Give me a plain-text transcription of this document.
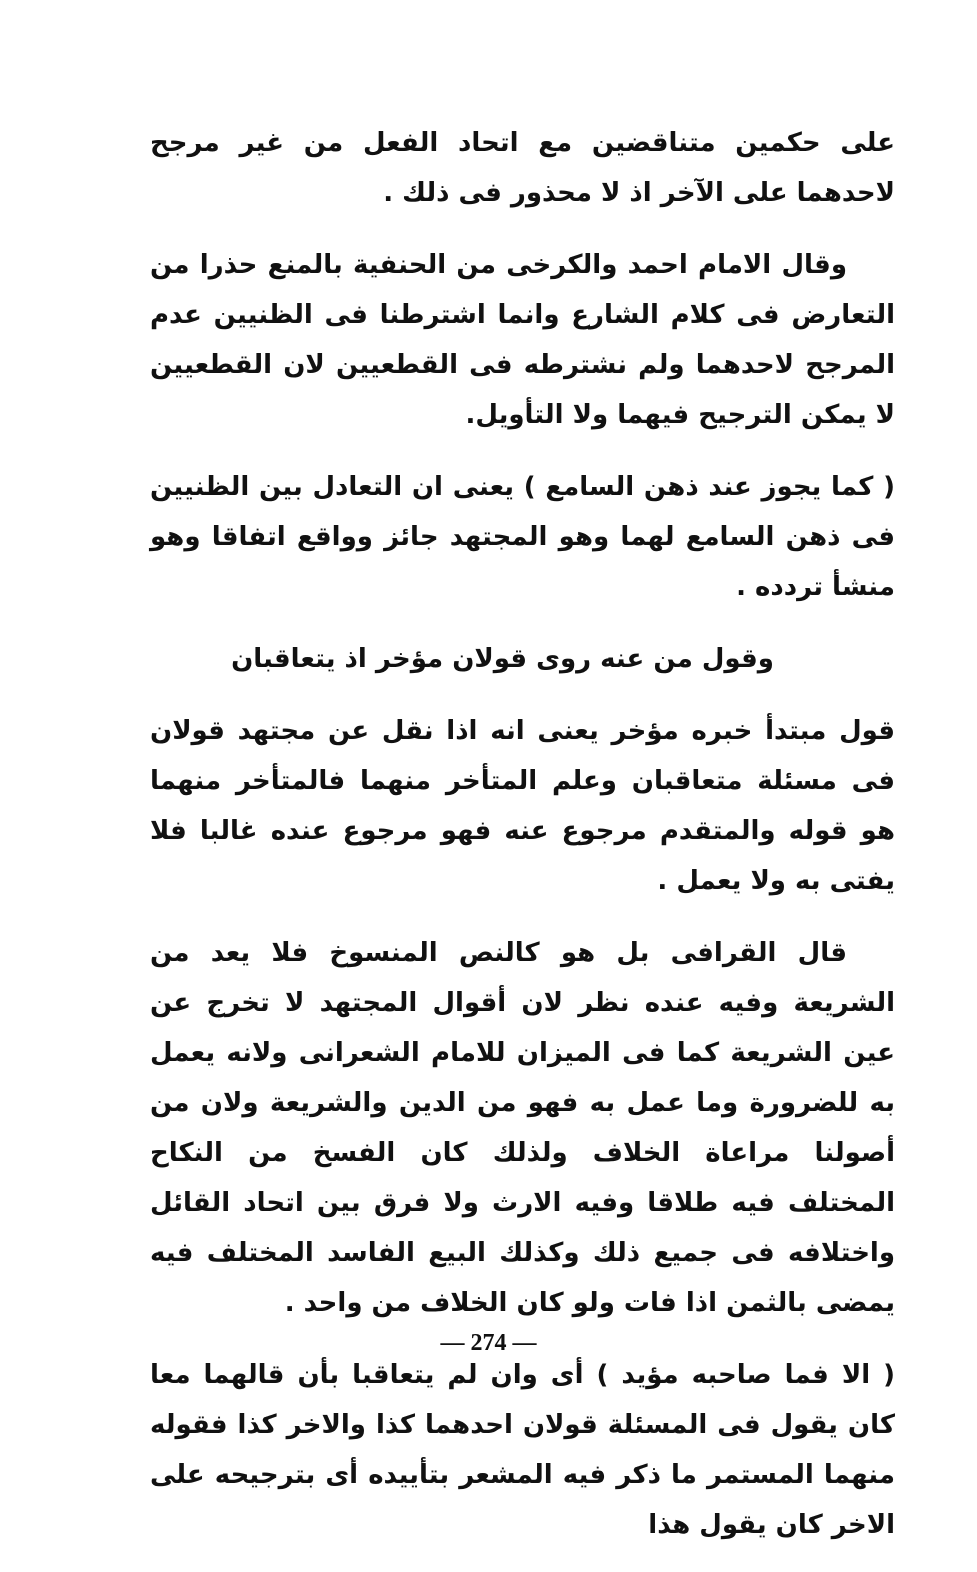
على حكمين متناقضين مع اتحاد الفعل من غير مرجح لاحدهما على الآخر اذ لا محذور فى ذلك .

وقال الامام احمد والكرخى من الحنفية بالمنع حذرا من التعارض فى كلام الشارع وانما اشترطنا فى الظنيين عدم المرجح لاحدهما ولم نشترطه فى القطعيين لان القطعيين لا يمكن الترجيح فيهما ولا التأويل.

( كما يجوز عند ذهن السامع ) يعنى ان التعادل بين الظنيين فى ذهن السامع لهما وهو المجتهد جائز وواقع اتفاقا وهو منشأ تردده .

وقول من عنه روى قولان مؤخر اذ يتعاقبان

قول مبتدأ خبره مؤخر يعنى انه اذا نقل عن مجتهد قولان فى مسئلة متعاقبان وعلم المتأخر منهما فالمتأخر منهما هو قوله والمتقدم مرجوع عنه فهو مرجوع عنده غالبا فلا يفتى به ولا يعمل .

قال القرافى بل هو كالنص المنسوخ فلا يعد من الشريعة وفيه عنده نظر لان أقوال المجتهد لا تخرج عن عين الشريعة كما فى الميزان للامام الشعرانى ولانه يعمل به للضرورة وما عمل به فهو من الدين والشريعة ولان من أصولنا مراعاة الخلاف ولذلك كان الفسخ من النكاح المختلف فيه طلاقا وفيه الارث ولا فرق بين اتحاد القائل واختلافه فى جميع ذلك وكذلك البيع الفاسد المختلف فيه يمضى بالثمن اذا فات ولو كان الخلاف من واحد .

( الا فما صاحبه مؤيد ) أى وان لم يتعاقبا بأن قالهما معا كان يقول فى المسئلة قولان احدهما كذا والاخر كذا فقوله منهما المستمر ما ذكر فيه المشعر بتأييده أى بترجيحه على الاخر كان يقول هذا

— 274 —
